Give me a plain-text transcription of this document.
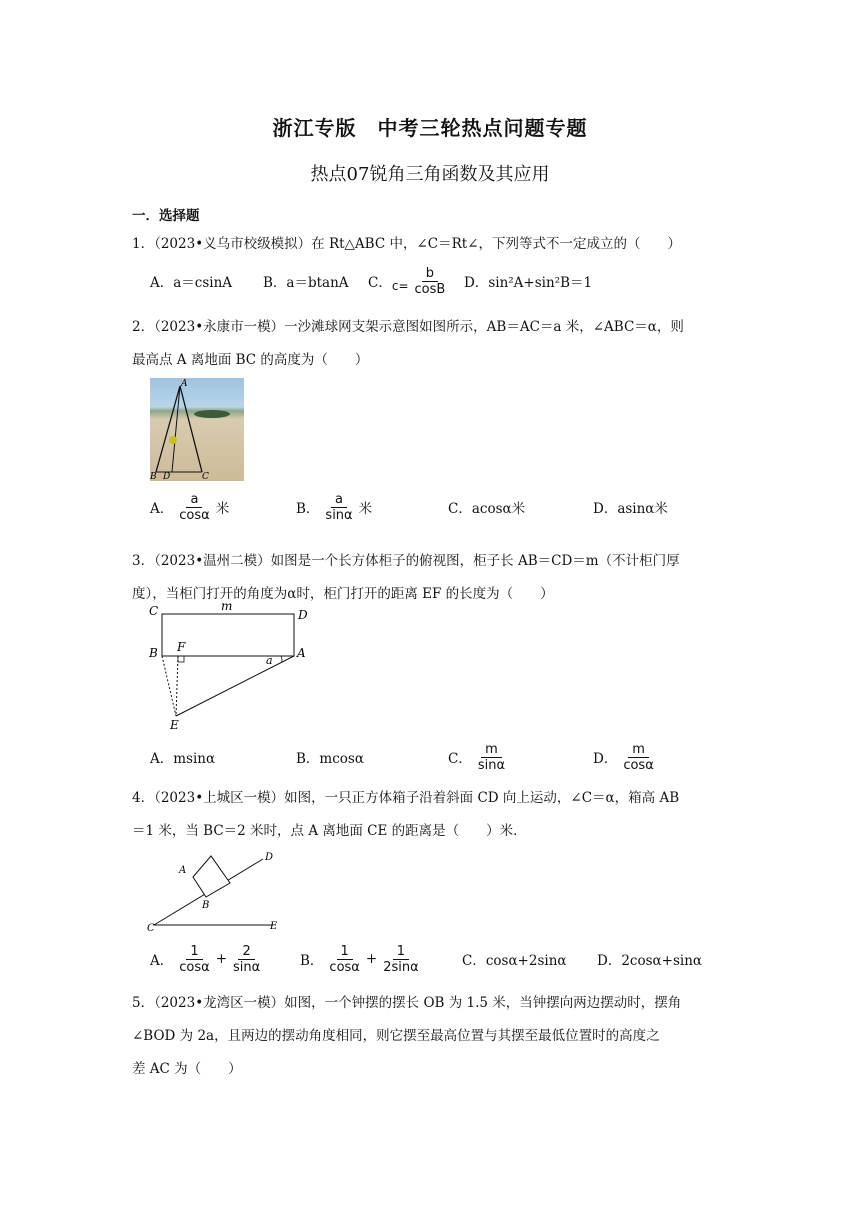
浙江专版　中考三轮热点问题专题
热点07锐角三角函数及其应用
一．选择题
1．（2023•义乌市校级模拟）在 Rt△ABC 中，∠C＝Rt∠，下列等式不一定成立的（　　）
A．a＝csinA B．a＝btanA C． $c= \frac{b}{\cos B}$ D．sin²A+sin²B＝1
2．（2023•永康市一模）一沙滩球网支架示意图如图所示，AB＝AC＝a 米，∠ABC＝α，则
最高点 A 离地面 BC 的高度为（　　）
A
B D	C
A． $\frac{a}{\cos\alpha}$ 米	B． $\frac{a}{\sin\alpha}$ 米	C．acosα米	D．asinα米
3．（2023•温州二模）如图是一个长方体柜子的俯视图，柜子长 AB＝CD＝m（不计柜门厚
度），当柜门打开的角度为α时，柜门打开的距离 EF 的长度为（　　）
C	m
D
B F
a
A
E
A．msinα	B．mcosα	C． $\frac{m}{\sin\alpha}$	D． $\frac{m}{\cos\alpha}$
4．（2023•上城区一模）如图，一只正方体箱子沿着斜面 CD 向上运动，∠C＝α，箱高 AB
＝1 米，当 BC＝2 米时，点 A 离地面 CE 的距离是（　　）米．
A
D
B
C	E
A． $\frac{1}{\cos\alpha} + \frac{2}{\sin\alpha}$	B． $\frac{1}{\cos\alpha} + \frac{1}{2\sin\alpha}$	C．cosα+2sinα D．2cosα+sinα
5．（2023•龙湾区一模）如图，一个钟摆的摆长 OB 为 1.5 米，当钟摆向两边摆动时，摆角
∠BOD 为 2a，且两边的摆动角度相同，则它摆至最高位置与其摆至最低位置时的高度之
差 AC 为（　　）
